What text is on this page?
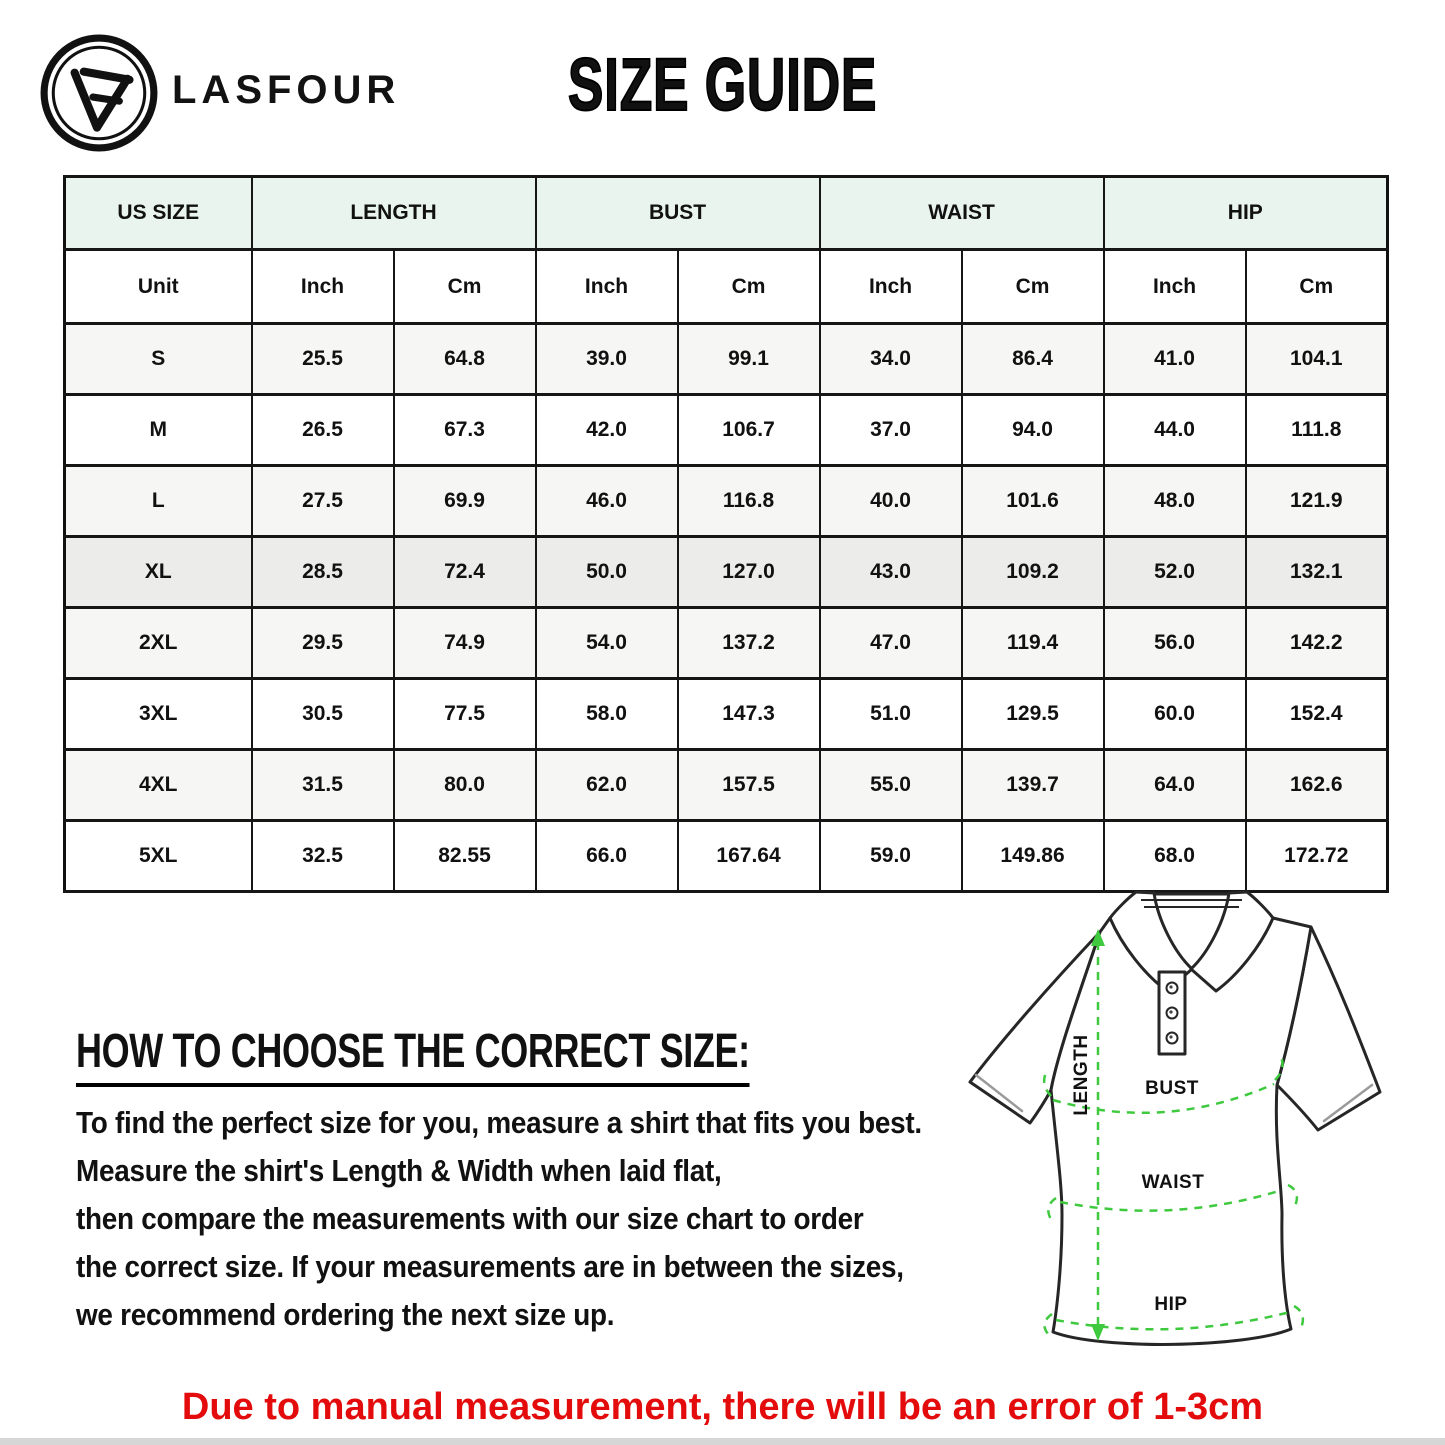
LASFOUR	SIZE GUIDE
US SIZE	LENGTH		BUST		WAIST		HIP	
Unit	Inch	Cm	Inch	Cm	Inch	Cm	Inch	Cm
S	25.5	64.8	39.0	99.1	34.0	86.4	41.0	104.1
M	26.5	67.3	42.0	106.7	37.0	94.0	44.0	111.8
L	27.5	69.9	46.0	116.8	40.0	101.6	48.0	121.9
XL	28.5	72.4	50.0	127.0	43.0	109.2	52.0	132.1
2XL	29.5	74.9	54.0	137.2	47.0	119.4	56.0	142.2
3XL	30.5	77.5	58.0	147.3	51.0	129.5	60.0	152.4
4XL	31.5	80.0	62.0	157.5	55.0	139.7	64.0	162.6
5XL	32.5	82.55	66.0	167.64	59.0	149.86	68.0	172.72
HOW TO CHOOSE THE CORRECT SIZE:

To find the perfect size for you, measure a shirt that fits you best.

Measure the shirt's Length & Width when laid flat,

then compare the measurements with our size chart to order

the correct size. If your measurements are in between the sizes,

we recommend ordering the next size up.

LENGTH	BUST
WAIST
HIP
Due to manual measurement, there will be an error of 1-3cm
